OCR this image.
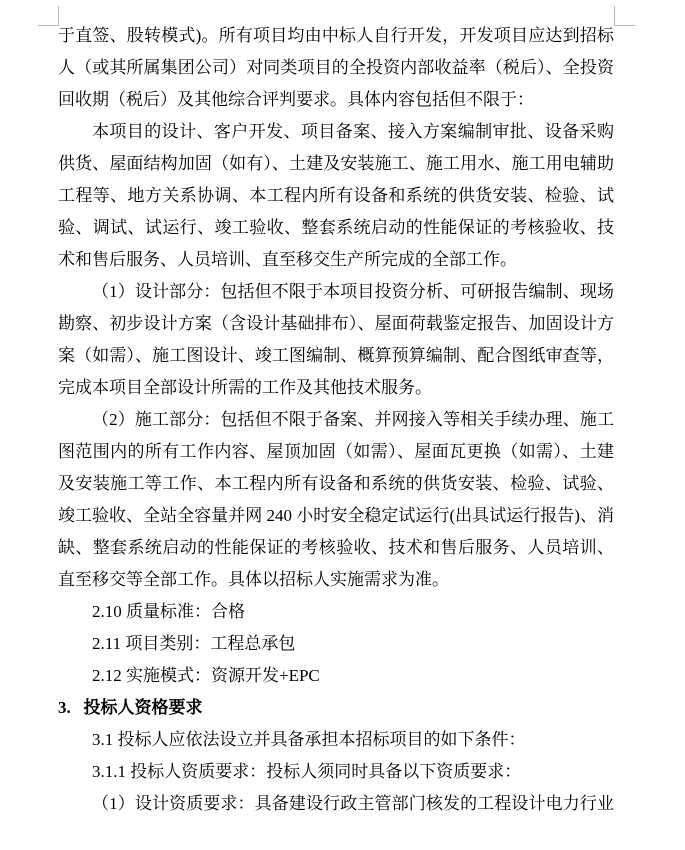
于直签、股转模式)。所有项目均由中标人自行开发，开发项目应达到招标人（或其所属集团公司）对同类项目的全投资内部收益率（税后）、全投资回收期（税后）及其他综合评判要求。具体内容包括但不限于：

本项目的设计、客户开发、项目备案、接入方案编制审批、设备采购供货、屋面结构加固（如有）、土建及安装施工、施工用水、施工用电辅助工程等、地方关系协调、本工程内所有设备和系统的供货安装、检验、试验、调试、试运行、竣工验收、整套系统启动的性能保证的考核验收、技术和售后服务、人员培训、直至移交生产所完成的全部工作。

（1）设计部分：包括但不限于本项目投资分析、可研报告编制、现场勘察、初步设计方案（含设计基础排布）、屋面荷载鉴定报告、加固设计方案（如需）、施工图设计、竣工图编制、概算预算编制、配合图纸审查等，完成本项目全部设计所需的工作及其他技术服务。

（2）施工部分：包括但不限于备案、并网接入等相关手续办理、施工图范围内的所有工作内容、屋顶加固（如需）、屋面瓦更换（如需）、土建及安装施工等工作、本工程内所有设备和系统的供货安装、检验、试验、竣工验收、全站全容量并网 240 小时安全稳定试运行(出具试运行报告)、消缺、整套系统启动的性能保证的考核验收、技术和售后服务、人员培训、直至移交等全部工作。具体以招标人实施需求为准。

2.10 质量标准：合格

2.11 项目类别：工程总承包

2.12 实施模式：资源开发+EPC

3. 投标人资格要求

3.1 投标人应依法设立并具备承担本招标项目的如下条件：

3.1.1 投标人资质要求：投标人须同时具备以下资质要求：

（1）设计资质要求：具备建设行政主管部门核发的工程设计电力行业
